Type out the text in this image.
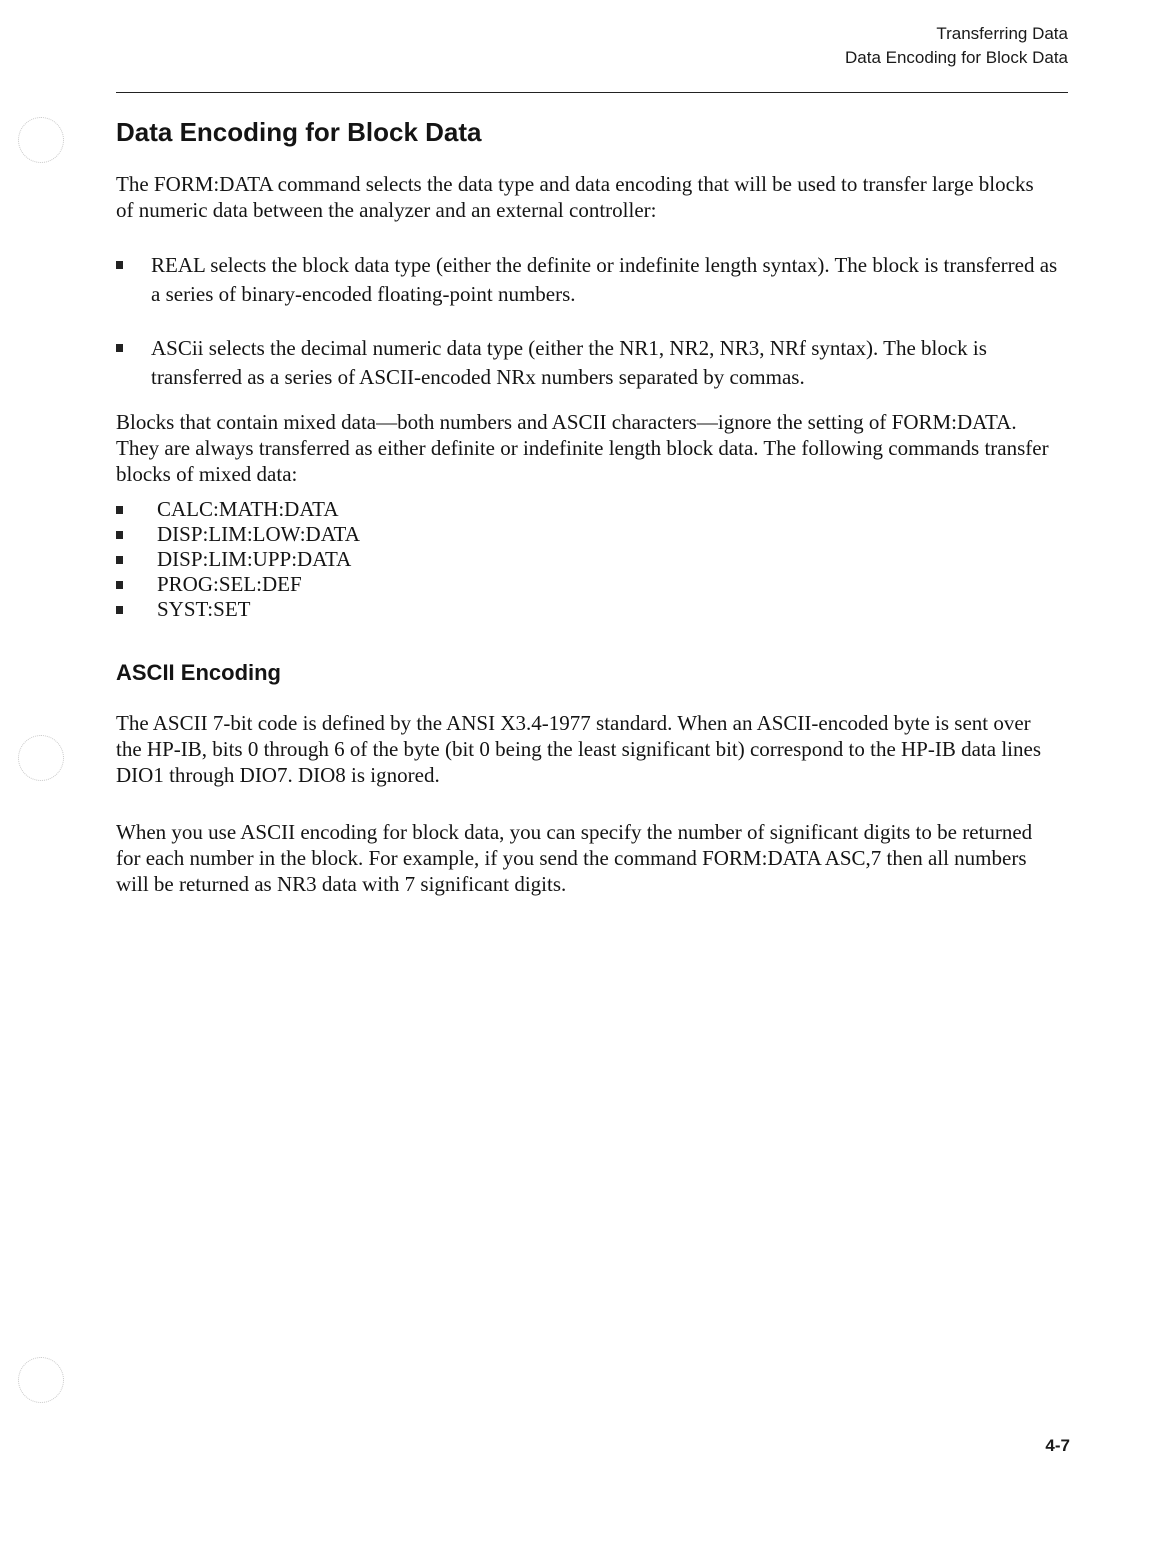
Transferring Data
Data Encoding for Block Data
Data Encoding for Block Data

The FORM:DATA command selects the data type and data encoding that will be used to transfer large blocks of numeric data between the analyzer and an external controller:

REAL selects the block data type (either the definite or indefinite length syntax). The block is transferred as a series of binary-encoded floating-point numbers.
ASCii selects the decimal numeric data type (either the NR1, NR2, NR3, NRf syntax). The block is transferred as a series of ASCII-encoded NRx numbers separated by commas.

Blocks that contain mixed data—both numbers and ASCII characters—ignore the setting of FORM:DATA. They are always transferred as either definite or indefinite length block data. The following commands transfer blocks of mixed data:

CALC:MATH:DATA
DISP:LIM:LOW:DATA
DISP:LIM:UPP:DATA
PROG:SEL:DEF
SYST:SET
ASCII Encoding

The ASCII 7-bit code is defined by the ANSI X3.4-1977 standard. When an ASCII-encoded byte is sent over the HP-IB, bits 0 through 6 of the byte (bit 0 being the least significant bit) correspond to the HP-IB data lines DIO1 through DIO7. DIO8 is ignored.

When you use ASCII encoding for block data, you can specify the number of significant digits to be returned for each number in the block. For example, if you send the command FORM:DATA ASC,7 then all numbers will be returned as NR3 data with 7 significant digits.

4-7
